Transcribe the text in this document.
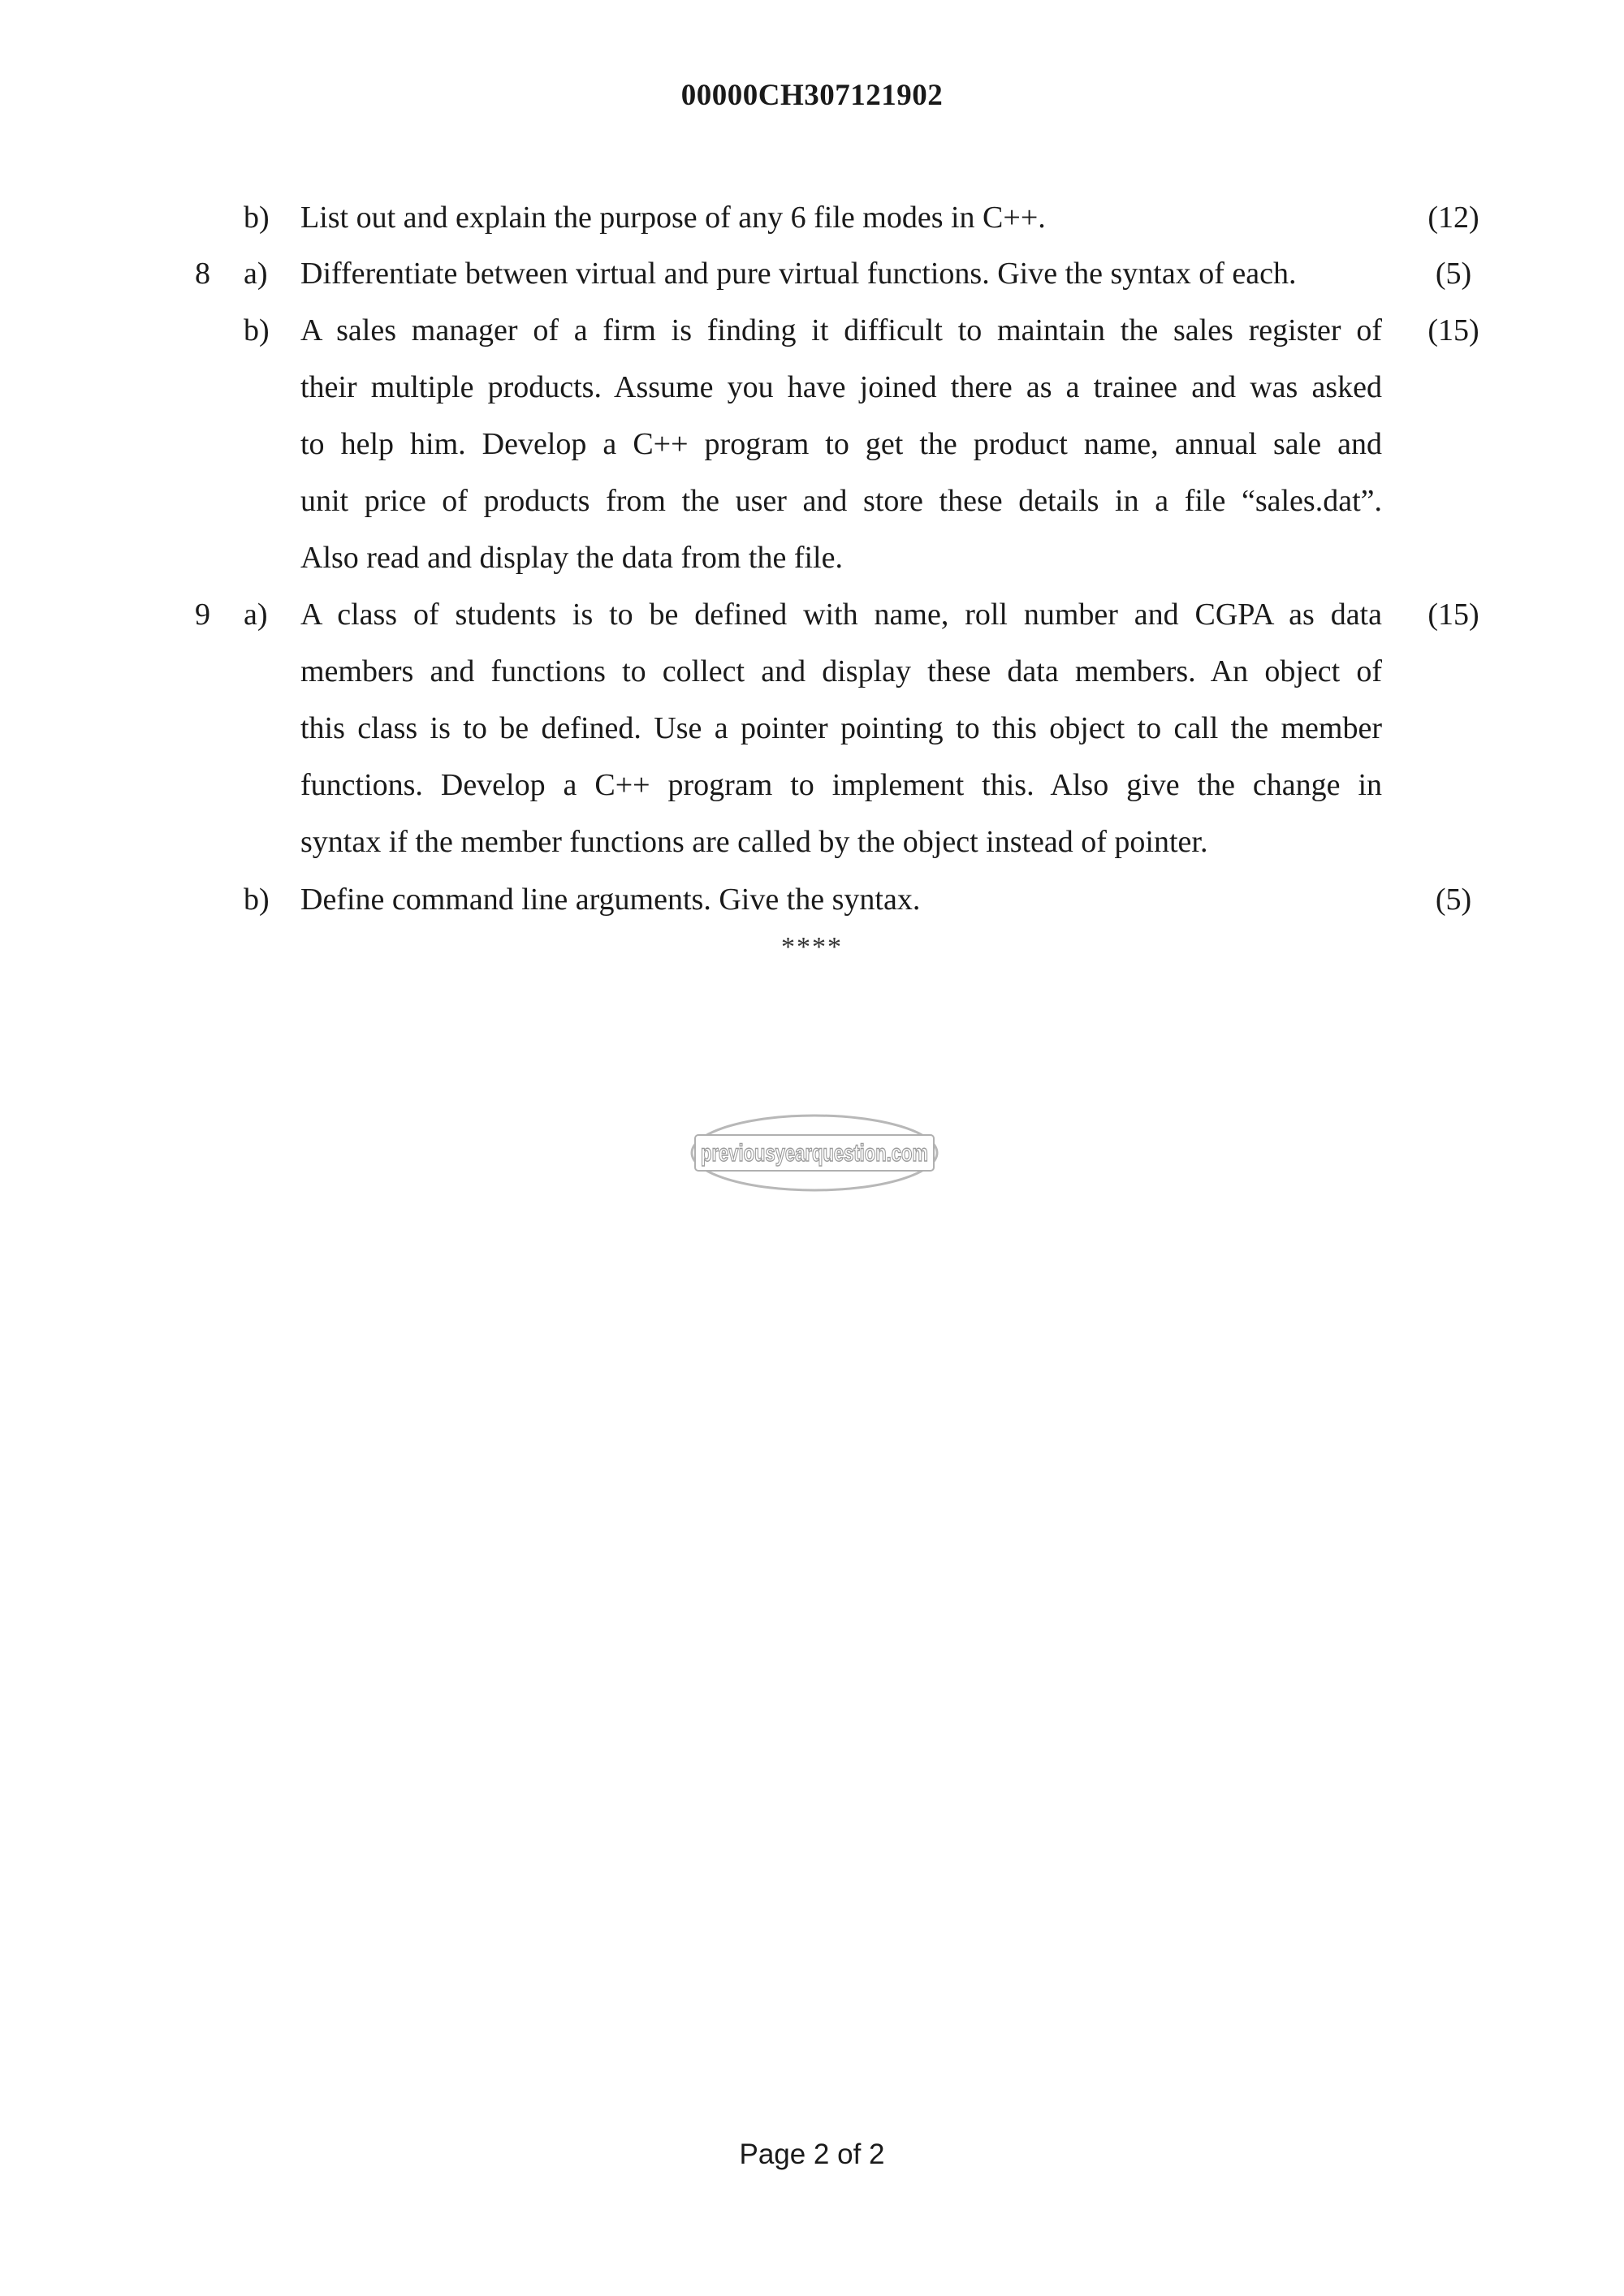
00000CH307121902
b) List out and explain the purpose of any 6 file modes in C++.	(12)
8 a) Differentiate between virtual and pure virtual functions. Give the syntax of each.	(5)
b) A sales manager of a firm is finding it difficult to maintain the sales register of
their multiple products. Assume you have joined there as a trainee and was asked
to help him. Develop a C++ program to get the product name, annual sale and
unit price of products from the user and store these details in a file “sales.dat”.
Also read and display the data from the file.
(15)
9 a) A class of students is to be defined with name, roll number and CGPA as data
members and functions to collect and display these data members. An object of
this class is to be defined. Use a pointer pointing to this object to call the member
functions. Develop a C++ program to implement this. Also give the change in
syntax if the member functions are called by the object instead of pointer.
(15)
b) Define command line arguments. Give the syntax.	(5)
****
previousyearquestion.com
Page 2 of 2
